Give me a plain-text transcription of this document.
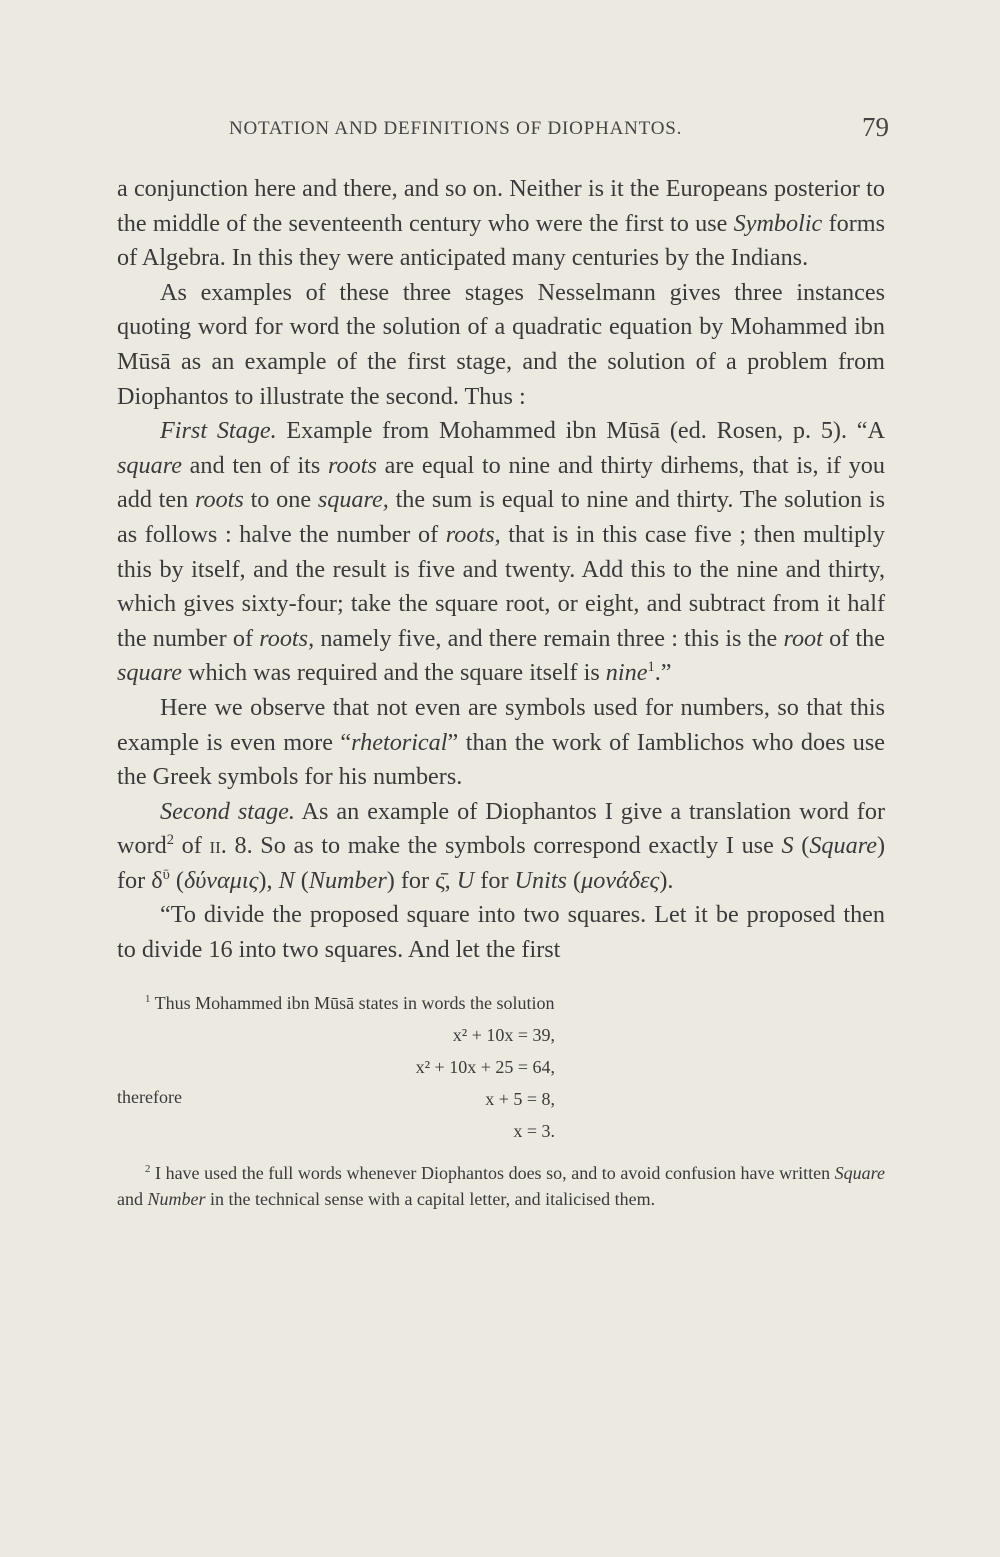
NOTATION AND DEFINITIONS OF DIOPHANTOS.	79

a conjunction here and there, and so on. Neither is it the Europeans posterior to the middle of the seventeenth century who were the first to use Symbolic forms of Algebra. In this they were anticipated many centuries by the Indians.

As examples of these three stages Nesselmann gives three instances quoting word for word the solution of a quadratic equation by Mohammed ibn Mūsā as an example of the first stage, and the solution of a problem from Diophantos to illustrate the second. Thus :

First Stage. Example from Mohammed ibn Mūsā (ed. Rosen, p. 5). “A square and ten of its roots are equal to nine and thirty dirhems, that is, if you add ten roots to one square, the sum is equal to nine and thirty. The solution is as follows : halve the number of roots, that is in this case five ; then multiply this by itself, and the result is five and twenty. Add this to the nine and thirty, which gives sixty-four; take the square root, or eight, and subtract from it half the number of roots, namely five, and there remain three : this is the root of the square which was required and the square itself is nine$^1$.”

Here we observe that not even are symbols used for numbers, so that this example is even more “rhetorical” than the work of Iamblichos who does use the Greek symbols for his numbers.

Second stage. As an example of Diophantos I give a translation word for word$^2$ of ii. 8. So as to make the symbols correspond exactly I use S (Square) for $\delta^ῡ$ (δύναμις), N (Number) for ς̄, U for Units (μονάδες).

“To divide the proposed square into two squares. Let it be proposed then to divide 16 into two squares. And let the first

$^1$ Thus Mohammed ibn Mūsā states in words the solution

x² + 10x = 39,
x² + 10x + 25 = 64,
therefore	x + 5 = 8,
x = 3.

$^2$ I have used the full words whenever Diophantos does so, and to avoid confusion have written Square and Number in the technical sense with a capital letter, and italicised them.
